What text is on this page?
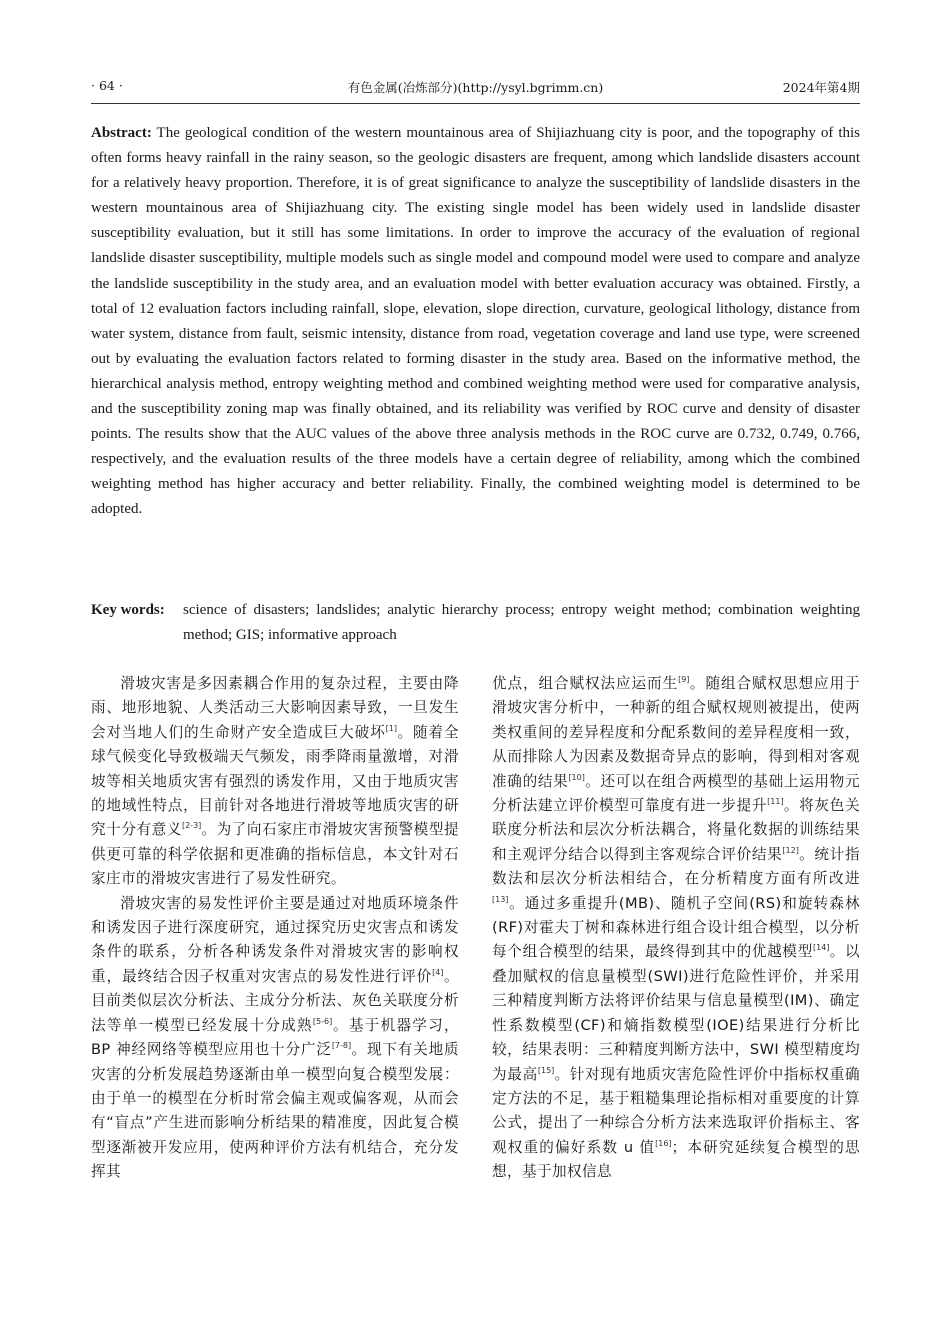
· 64 ·	有色金属(冶炼部分)(http://ysyl.bgrimm.cn)	2024年第4期
Abstract: The geological condition of the western mountainous area of Shijiazhuang city is poor, and the topography of this often forms heavy rainfall in the rainy season, so the geologic disasters are frequent, among which landslide disasters account for a relatively heavy proportion. Therefore, it is of great significance to analyze the susceptibility of landslide disasters in the western mountainous area of Shijiazhuang city. The existing single model has been widely used in landslide disaster susceptibility evaluation, but it still has some limitations. In order to improve the accuracy of the evaluation of regional landslide disaster susceptibility, multiple models such as single model and compound model were used to compare and analyze the landslide susceptibility in the study area, and an evaluation model with better evaluation accuracy was obtained. Firstly, a total of 12 evaluation factors including rainfall, slope, elevation, slope direction, curvature, geological lithology, distance from water system, distance from fault, seismic intensity, distance from road, vegetation coverage and land use type, were screened out by evaluating the evaluation factors related to forming disaster in the study area. Based on the informative method, the hierarchical analysis method, entropy weighting method and combined weighting method were used for comparative analysis, and the susceptibility zoning map was finally obtained, and its reliability was verified by ROC curve and density of disaster points. The results show that the AUC values of the above three analysis methods in the ROC curve are 0.732, 0.749, 0.766, respectively, and the evaluation results of the three models have a certain degree of reliability, among which the combined weighting method has higher accuracy and better reliability. Finally, the combined weighting model is determined to be adopted.
Key words: science of disasters; landslides; analytic hierarchy process; entropy weight method; combination weighting method; GIS; informative approach

滑坡灾害是多因素耦合作用的复杂过程，主要由降雨、地形地貌、人类活动三大影响因素导致，一旦发生会对当地人们的生命财产安全造成巨大破坏[1]。随着全球气候变化导致极端天气频发，雨季降雨量激增，对滑坡等相关地质灾害有强烈的诱发作用，又由于地质灾害的地域性特点，目前针对各地进行滑坡等地质灾害的研究十分有意义[2-3]。为了向石家庄市滑坡灾害预警模型提供更可靠的科学依据和更准确的指标信息，本文针对石家庄市的滑坡灾害进行了易发性研究。

滑坡灾害的易发性评价主要是通过对地质环境条件和诱发因子进行深度研究，通过探究历史灾害点和诱发条件的联系，分析各种诱发条件对滑坡灾害的影响权重，最终结合因子权重对灾害点的易发性进行评价[4]。目前类似层次分析法、主成分分析法、灰色关联度分析法等单一模型已经发展十分成熟[5-6]。基于机器学习，BP 神经网络等模型应用也十分广泛[7-8]。现下有关地质灾害的分析发展趋势逐渐由单一模型向复合模型发展：由于单一的模型在分析时常会偏主观或偏客观，从而会有“盲点”产生进而影响分析结果的精准度，因此复合模型逐渐被开发应用，使两种评价方法有机结合，充分发挥其

优点，组合赋权法应运而生[9]。随组合赋权思想应用于滑坡灾害分析中，一种新的组合赋权规则被提出，使两类权重间的差异程度和分配系数间的差异程度相一致，从而排除人为因素及数据奇异点的影响，得到相对客观准确的结果[10]。还可以在组合两模型的基础上运用物元分析法建立评价模型可靠度有进一步提升[11]。将灰色关联度分析法和层次分析法耦合，将量化数据的训练结果和主观评分结合以得到主客观综合评价结果[12]。统计指数法和层次分析法相结合，在分析精度方面有所改进[13]。通过多重提升(MB)、随机子空间(RS)和旋转森林(RF)对霍夫丁树和森林进行组合设计组合模型，以分析每个组合模型的结果，最终得到其中的优越模型[14]。以叠加赋权的信息量模型(SWI)进行危险性评价，并采用三种精度判断方法将评价结果与信息量模型(IM)、确定性系数模型(CF)和熵指数模型(IOE)结果进行分析比较，结果表明：三种精度判断方法中，SWI 模型精度均为最高[15]。针对现有地质灾害危险性评价中指标权重确定方法的不足，基于粗糙集理论指标相对重要度的计算公式，提出了一种综合分析方法来选取评价指标主、客观权重的偏好系数 u 值[16]；本研究延续复合模型的思想，基于加权信息
